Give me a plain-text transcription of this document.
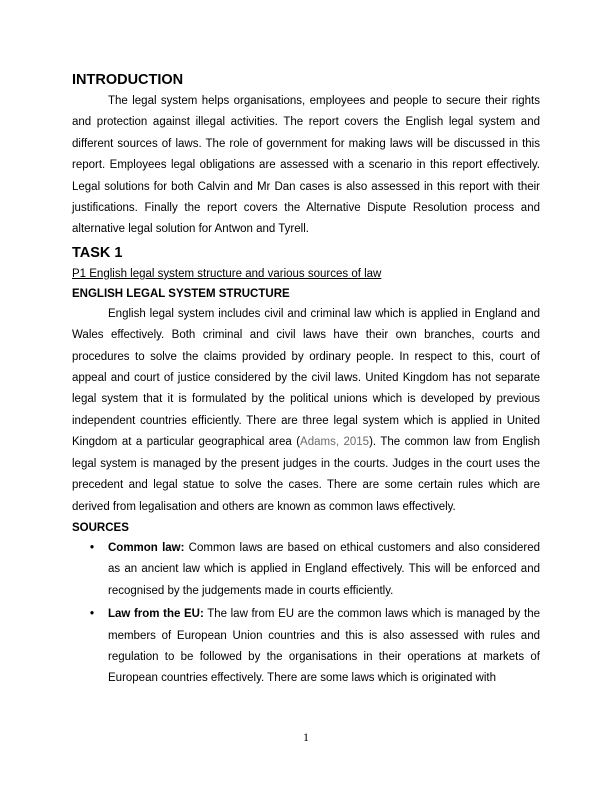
INTRODUCTION

The legal system helps organisations, employees and people to secure their rights and protection against illegal activities. The report covers the English legal system and different sources of laws. The role of government for making laws will be discussed in this report. Employees legal obligations are assessed with a scenario in this report effectively. Legal solutions for both Calvin and Mr Dan cases is also assessed in this report with their justifications. Finally the report covers the Alternative Dispute Resolution process and alternative legal solution for Antwon and Tyrell.

TASK 1
P1 English legal system structure and various sources of law
ENGLISH LEGAL SYSTEM STRUCTURE

English legal system includes civil and criminal law which is applied in England and Wales effectively. Both criminal and civil laws have their own branches, courts and procedures to solve the claims provided by ordinary people. In respect to this, court of appeal and court of justice considered by the civil laws. United Kingdom has not separate legal system that it is formulated by the political unions which is developed by previous independent countries efficiently. There are three legal system which is applied in United Kingdom at a particular geographical area (Adams, 2015). The common law from English legal system is managed by the present judges in the courts. Judges in the court uses the precedent and legal statue to solve the cases. There are some certain rules which are derived from legalisation and others are known as common laws effectively.

SOURCES
• Common law: Common laws are based on ethical customers and also considered as an ancient law which is applied in England effectively. This will be enforced and recognised by the judgements made in courts efficiently.
• Law from the EU: The law from EU are the common laws which is managed by the members of European Union countries and this is also assessed with rules and regulation to be followed by the organisations in their operations at markets of European countries effectively. There are some laws which is originated with
1
